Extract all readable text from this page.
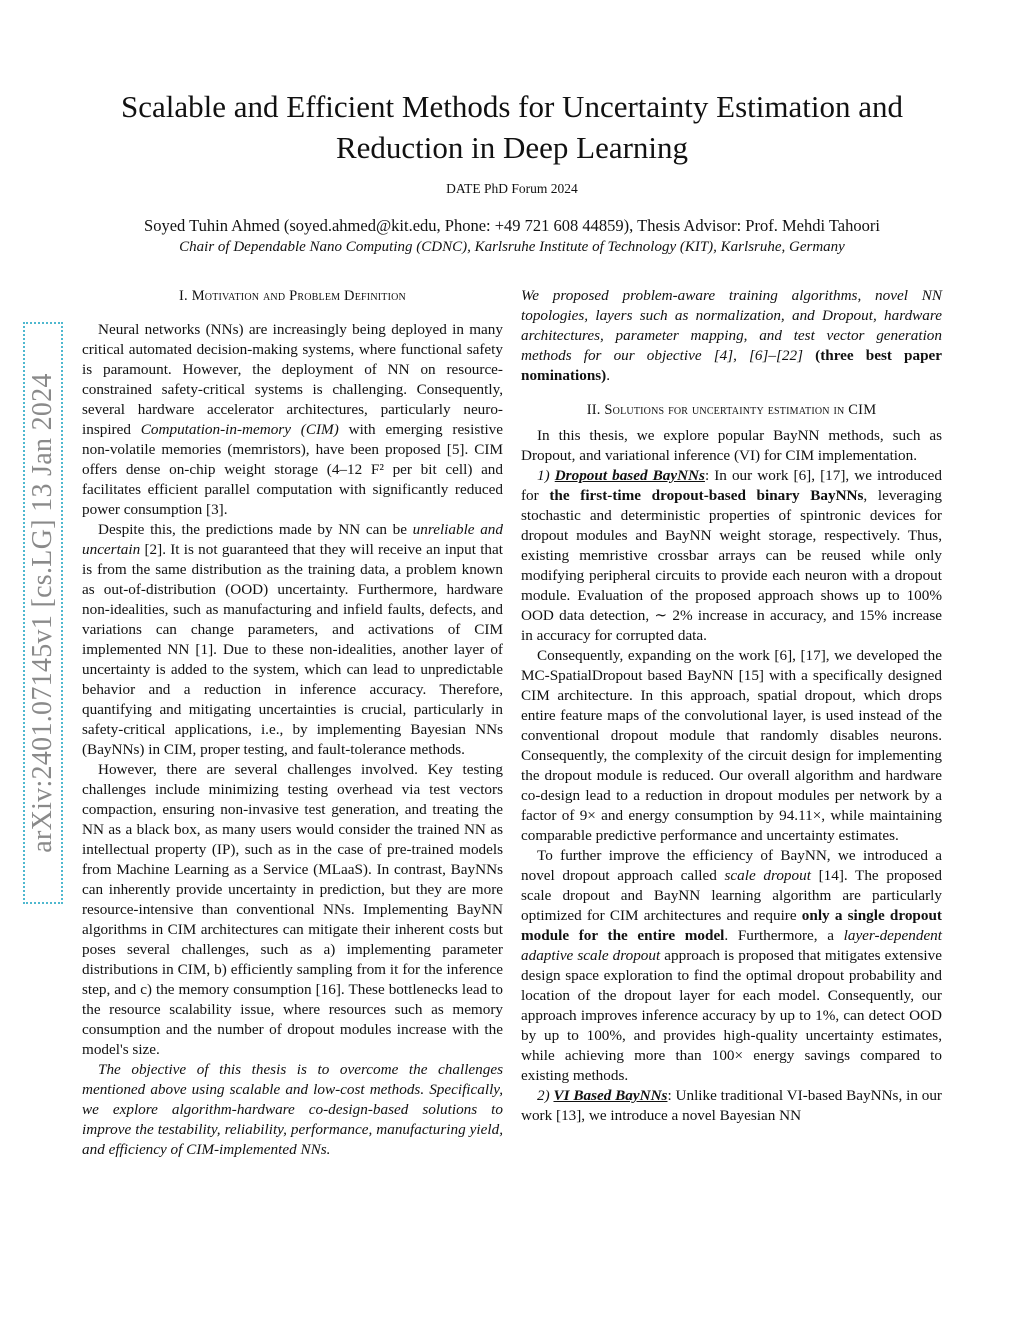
Scalable and Efficient Methods for Uncertainty Estimation and Reduction in Deep Learning
DATE PhD Forum 2024
Soyed Tuhin Ahmed (soyed.ahmed@kit.edu, Phone: +49 721 608 44859), Thesis Advisor: Prof. Mehdi Tahoori
Chair of Dependable Nano Computing (CDNC), Karlsruhe Institute of Technology (KIT), Karlsruhe, Germany
arXiv:2401.07145v1 [cs.LG] 13 Jan 2024
I. Motivation and Problem Definition

Neural networks (NNs) are increasingly being deployed in many critical automated decision-making systems, where functional safety is paramount. However, the deployment of NN on resource-constrained safety-critical systems is challenging. Consequently, several hardware accelerator architectures, particularly neuro-inspired Computation-in-memory (CIM) with emerging resistive non-volatile memories (memristors), have been proposed [5]. CIM offers dense on-chip weight storage (4–12 F² per bit cell) and facilitates efficient parallel computation with significantly reduced power consumption [3].

Despite this, the predictions made by NN can be unreliable and uncertain [2]. It is not guaranteed that they will receive an input that is from the same distribution as the training data, a problem known as out-of-distribution (OOD) uncertainty. Furthermore, hardware non-idealities, such as manufacturing and infield faults, defects, and variations can change parameters, and activations of CIM implemented NN [1]. Due to these non-idealities, another layer of uncertainty is added to the system, which can lead to unpredictable behavior and a reduction in inference accuracy. Therefore, quantifying and mitigating uncertainties is crucial, particularly in safety-critical applications, i.e., by implementing Bayesian NNs (BayNNs) in CIM, proper testing, and fault-tolerance methods.

However, there are several challenges involved. Key testing challenges include minimizing testing overhead via test vectors compaction, ensuring non-invasive test generation, and treating the NN as a black box, as many users would consider the trained NN as intellectual property (IP), such as in the case of pre-trained models from Machine Learning as a Service (MLaaS). In contrast, BayNNs can inherently provide uncertainty in prediction, but they are more resource-intensive than conventional NNs. Implementing BayNN algorithms in CIM architectures can mitigate their inherent costs but poses several challenges, such as a) implementing parameter distributions in CIM, b) efficiently sampling from it for the inference step, and c) the memory consumption [16]. These bottlenecks lead to the resource scalability issue, where resources such as memory consumption and the number of dropout modules increase with the model's size.

The objective of this thesis is to overcome the challenges mentioned above using scalable and low-cost methods. Specifically, we explore algorithm-hardware co-design-based solutions to improve the testability, reliability, performance, manufacturing yield, and efficiency of CIM-implemented NNs.

We proposed problem-aware training algorithms, novel NN topologies, layers such as normalization, and Dropout, hardware architectures, parameter mapping, and test vector generation methods for our objective [4], [6]–[22] (three best paper nominations).

II. Solutions for uncertainty estimation in CIM

In this thesis, we explore popular BayNN methods, such as Dropout, and variational inference (VI) for CIM implementation.

1) Dropout based BayNNs: In our work [6], [17], we introduced for the first-time dropout-based binary BayNNs, leveraging stochastic and deterministic properties of spintronic devices for dropout modules and BayNN weight storage, respectively. Thus, existing memristive crossbar arrays can be reused while only modifying peripheral circuits to provide each neuron with a dropout module. Evaluation of the proposed approach shows up to 100% OOD data detection, ∼ 2% increase in accuracy, and 15% increase in accuracy for corrupted data.

Consequently, expanding on the work [6], [17], we developed the MC-SpatialDropout based BayNN [15] with a specifically designed CIM architecture. In this approach, spatial dropout, which drops entire feature maps of the convolutional layer, is used instead of the conventional dropout module that randomly disables neurons. Consequently, the complexity of the circuit design for implementing the dropout module is reduced. Our overall algorithm and hardware co-design lead to a reduction in dropout modules per network by a factor of 9× and energy consumption by 94.11×, while maintaining comparable predictive performance and uncertainty estimates.

To further improve the efficiency of BayNN, we introduced a novel dropout approach called scale dropout [14]. The proposed scale dropout and BayNN learning algorithm are particularly optimized for CIM architectures and require only a single dropout module for the entire model. Furthermore, a layer-dependent adaptive scale dropout approach is proposed that mitigates extensive design space exploration to find the optimal dropout probability and location of the dropout layer for each model. Consequently, our approach improves inference accuracy by up to 1%, can detect OOD by up to 100%, and provides high-quality uncertainty estimates, while achieving more than 100× energy savings compared to existing methods.

2) VI Based BayNNs: Unlike traditional VI-based BayNNs, in our work [13], we introduce a novel Bayesian NN
